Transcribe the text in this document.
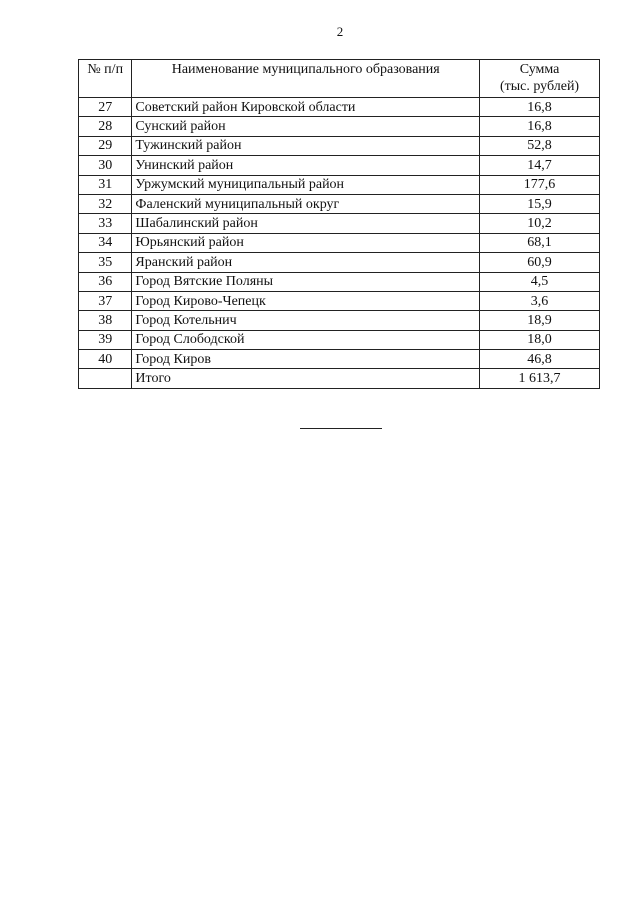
2
№ п/п	Наименование муниципального образования	Сумма
(тыс. рублей)

27	Советский район Кировской области	16,8
28	Сунский район	16,8
29	Тужинский район	52,8
30	Унинский район	14,7
31	Уржумский муниципальный район	177,6
32	Фаленский муниципальный округ	15,9
33	Шабалинский район	10,2
34	Юрьянский район	68,1
35	Яранский район	60,9
36	Город Вятские Поляны	4,5
37	Город Кирово-Чепецк	3,6
38	Город Котельнич	18,9
39	Город Слободской	18,0
40	Город Киров	46,8
	Итого	1 613,7
